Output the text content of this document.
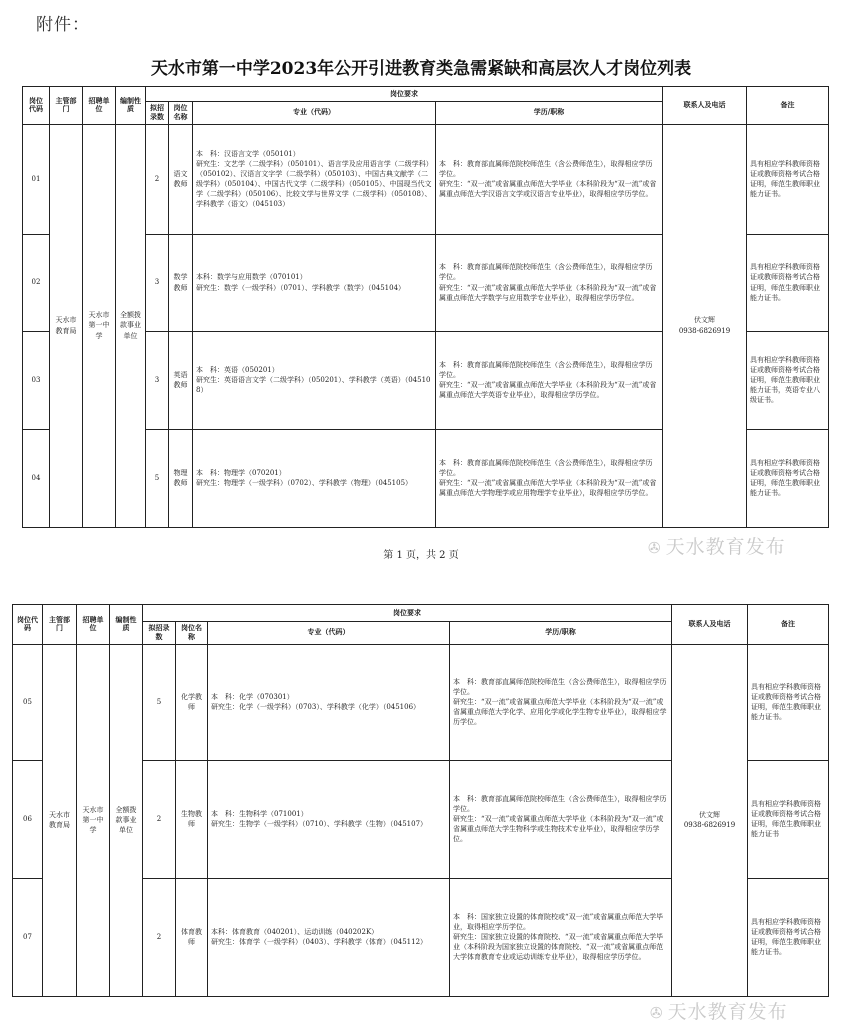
附件：
天水市第一中学2023年公开引进教育类急需紧缺和高层次人才岗位列表
岗位代码	主管部门	招聘单位	编制性质	岗位要求				联系人及电话	备注
				拟招录数	岗位名称	专业（代码）	学历/职称		
01	天水市教育局	天水市第一中学	全额拨款事业单位	2	语文教师	本　科：汉语言文学（050101）
研究生：文艺学（二级学科）（050101）、语言学及应用语言学（二级学科）（050102）、汉语言文字学（二级学科）（050103）、中国古典文献学（二级学科）（050104）、中国古代文学（二级学科）（050105）、中国现当代文学（二级学科）（050106）、比较文学与世界文学（二级学科）（050108）、学科教学（语文）（045103）	本　科：教育部直属师范院校师范生（含公费师范生），取得相应学历学位。
研究生：“双一流”或省属重点师范大学毕业（本科阶段为“双一流”或省属重点师范大学汉语言文学或汉语言专业毕业），取得相应学历学位。	伏文辉
0938-6826919	具有相应学科教师资格证或教师资格考试合格证明，师范生教师职业能力证书。
02				3	数学教师	本科：数学与应用数学（070101）
研究生：数学（一级学科）（0701）、学科教学（数学）（045104）	本　科：教育部直属师范院校师范生（含公费师范生），取得相应学历学位。
研究生：“双一流”或省属重点师范大学毕业（本科阶段为“双一流”或省属重点师范大学数学与应用数学专业毕业），取得相应学历学位。		具有相应学科教师资格证或教师资格考试合格证明，师范生教师职业能力证书。
03				3	英语教师	本　科：英语（050201）
研究生：英语语言文学（二级学科）（050201）、学科教学（英语）（045108）	本　科：教育部直属师范院校师范生（含公费师范生），取得相应学历学位。
研究生：“双一流”或省属重点师范大学毕业（本科阶段为“双一流”或省属重点师范大学英语专业毕业），取得相应学历学位。		具有相应学科教师资格证或教师资格考试合格证明，师范生教师职业能力证书，英语专业八级证书。
04				5	物理教师	本　科：物理学（070201）
研究生：物理学（一级学科）（0702）、学科教学（物理）（045105）	本　科：教育部直属师范院校师范生（含公费师范生），取得相应学历学位。
研究生：“双一流”或省属重点师范大学毕业（本科阶段为“双一流”或省属重点师范大学物理学或应用物理学专业毕业），取得相应学历学位。		具有相应学科教师资格证或教师资格考试合格证明，师范生教师职业能力证书。
第 1 页，共 2 页	✇ 天水教育发布
岗位代码	主管部门	招聘单位	编制性质	岗位要求				联系人及电话	备注
				拟招录数	岗位名称	专业（代码）	学历/职称		
05	天水市教育局	天水市第一中学	全额拨款事业单位	5	化学教师	本　科：化学（070301）
研究生：化学（一级学科）（0703）、学科教学（化学）（045106）	本　科：教育部直属师范院校师范生（含公费师范生），取得相应学历学位。
研究生：“双一流”或省属重点师范大学毕业（本科阶段为“双一流”或省属重点师范大学化学、应用化学或化学生物专业毕业），取得相应学历学位。	伏文辉
0938-6826919	具有相应学科教师资格证或教师资格考试合格证明，师范生教师职业能力证书。
06				2	生物教师	本　科：生物科学（071001）
研究生：生物学（一级学科）（0710）、学科教学（生物）（045107）	本　科：教育部直属师范院校师范生（含公费师范生），取得相应学历学位。
研究生：“双一流”或省属重点师范大学毕业（本科阶段为“双一流”或省属重点师范大学生物科学或生物技术专业毕业），取得相应学历学位。		具有相应学科教师资格证或教师资格考试合格证明，师范生教师职业能力证书
07				2	体育教师	本科：体育教育（040201）、运动训练（040202K）
研究生：体育学（一级学科）（0403）、学科教学（体育）（045112）	本　科：国家独立设置的体育院校或“双一流”或省属重点师范大学毕业，取得相应学历学位。
研究生：国家独立设置的体育院校、“双一流”或省属重点师范大学毕业（本科阶段为国家独立设置的体育院校、“双一流”或省属重点师范大学体育教育专业或运动训练专业毕业），取得相应学历学位。		具有相应学科教师资格证或教师资格考试合格证明，师范生教师职业能力证书。
✇ 天水教育发布
